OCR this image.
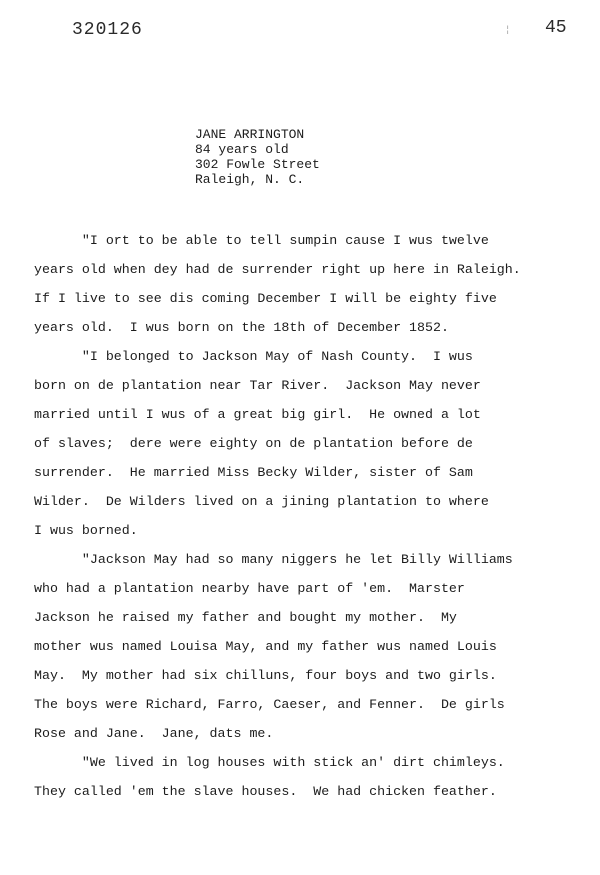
320126	¦ 45
JANE ARRINGTON
84 years old
302 Fowle Street
Raleigh, N. C.
"I ort to be able to tell sumpin cause I wus twelve
years old when dey had de surrender right up here in Raleigh.
If I live to see dis coming December I will be eighty five
years old.  I wus born on the 18th of December 1852.
"I belonged to Jackson May of Nash County.  I wus
born on de plantation near Tar River.  Jackson May never
married until I wus of a great big girl.  He owned a lot
of slaves;  dere were eighty on de plantation before de
surrender.  He married Miss Becky Wilder, sister of Sam
Wilder.  De Wilders lived on a jining plantation to where
I wus borned.
"Jackson May had so many niggers he let Billy Williams
who had a plantation nearby have part of 'em.  Marster
Jackson he raised my father and bought my mother.  My
mother wus named Louisa May, and my father wus named Louis
May.  My mother had six chilluns, four boys and two girls.
The boys were Richard, Farro, Caeser, and Fenner.  De girls
Rose and Jane.  Jane, dats me.
"We lived in log houses with stick an' dirt chimleys.
They called 'em the slave houses.  We had chicken feather.
